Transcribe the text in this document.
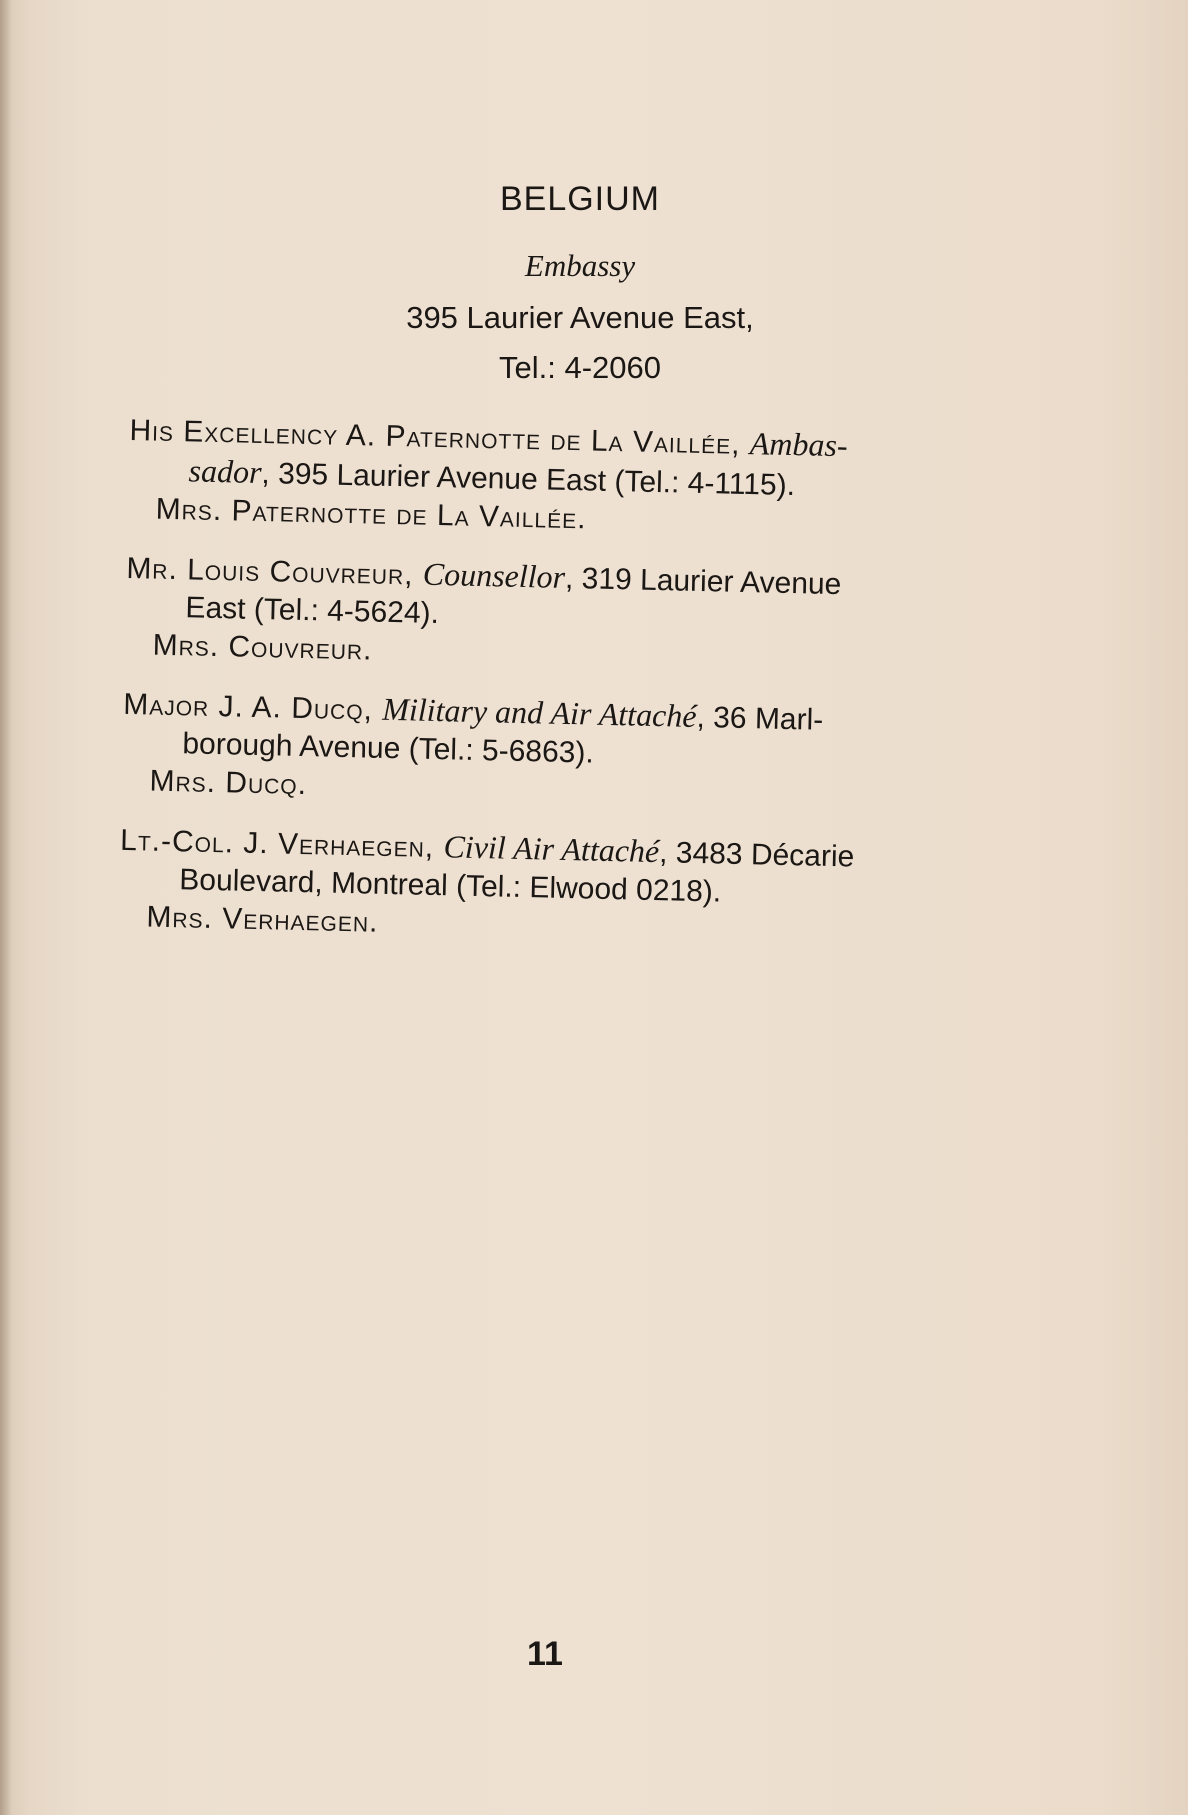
BELGIUM
Embassy
395 Laurier Avenue East,
Tel.: 4-2060
His Excellency A. Paternotte de La Vaillée, Ambas-
sador, 395 Laurier Avenue East (Tel.: 4-1115).
Mrs. Paternotte de La Vaillée.
Mr. Louis Couvreur, Counsellor, 319 Laurier Avenue
East (Tel.: 4-5624).
Mrs. Couvreur.
Major J. A. Ducq, Military and Air Attaché, 36 Marl-
borough Avenue (Tel.: 5-6863).
Mrs. Ducq.
Lt.-Col. J. Verhaegen, Civil Air Attaché, 3483 Décarie
Boulevard, Montreal (Tel.: Elwood 0218).
Mrs. Verhaegen.
11
